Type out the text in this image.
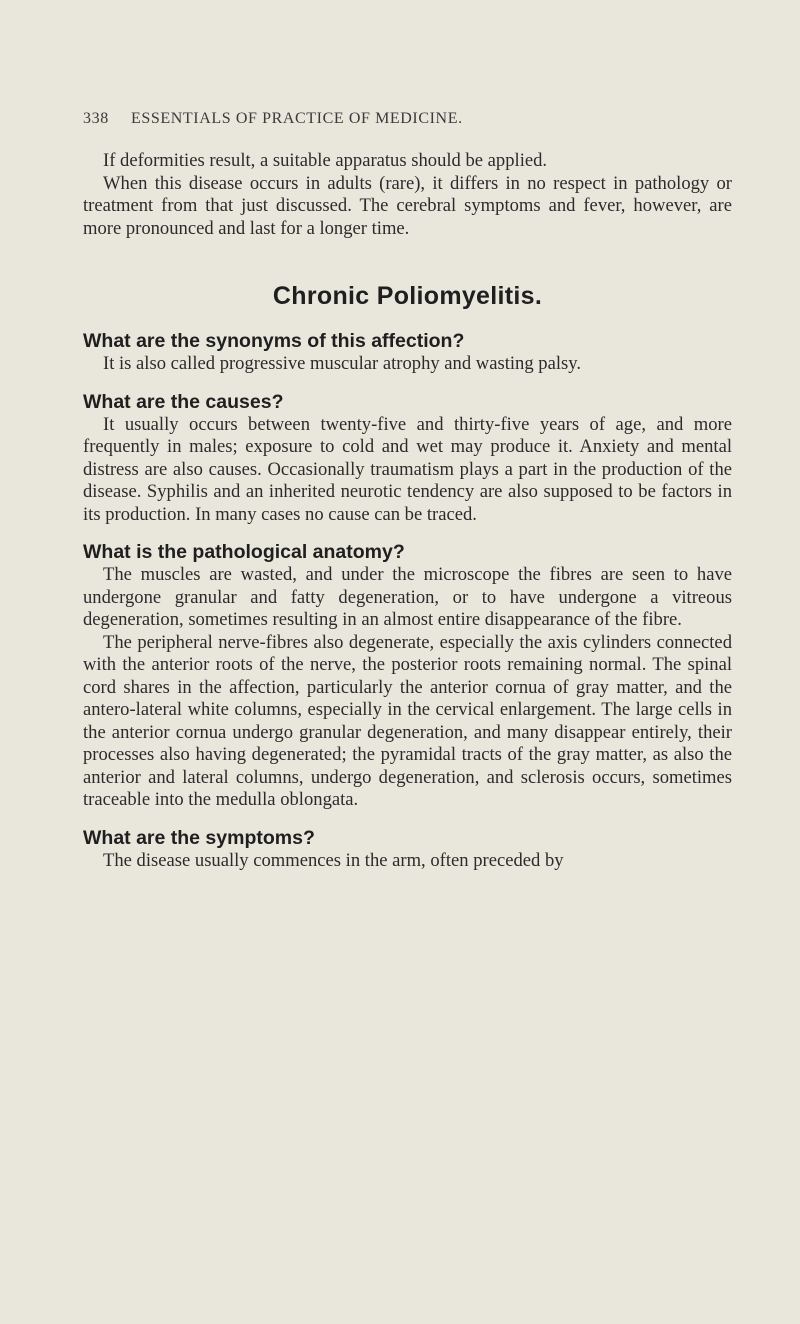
338 ESSENTIALS OF PRACTICE OF MEDICINE.

If deformities result, a suitable apparatus should be applied.

When this disease occurs in adults (rare), it differs in no respect in pathology or treatment from that just discussed. The cerebral symptoms and fever, however, are more pronounced and last for a longer time.

Chronic Poliomyelitis.

What are the synonyms of this affection?

It is also called progressive muscular atrophy and wasting palsy.

What are the causes?

It usually occurs between twenty-five and thirty-five years of age, and more frequently in males; exposure to cold and wet may produce it. Anxiety and mental distress are also causes. Occasionally traumatism plays a part in the production of the disease. Syphilis and an inherited neurotic tendency are also supposed to be factors in its production. In many cases no cause can be traced.

What is the pathological anatomy?

The muscles are wasted, and under the microscope the fibres are seen to have undergone granular and fatty degeneration, or to have undergone a vitreous degeneration, sometimes resulting in an almost entire disappearance of the fibre.

The peripheral nerve-fibres also degenerate, especially the axis cylinders connected with the anterior roots of the nerve, the posterior roots remaining normal. The spinal cord shares in the affection, particularly the anterior cornua of gray matter, and the antero-lateral white columns, especially in the cervical enlargement. The large cells in the anterior cornua undergo granular degeneration, and many disappear entirely, their processes also having degenerated; the pyramidal tracts of the gray matter, as also the anterior and lateral columns, undergo degeneration, and sclerosis occurs, sometimes traceable into the medulla oblongata.

What are the symptoms?

The disease usually commences in the arm, often preceded by
